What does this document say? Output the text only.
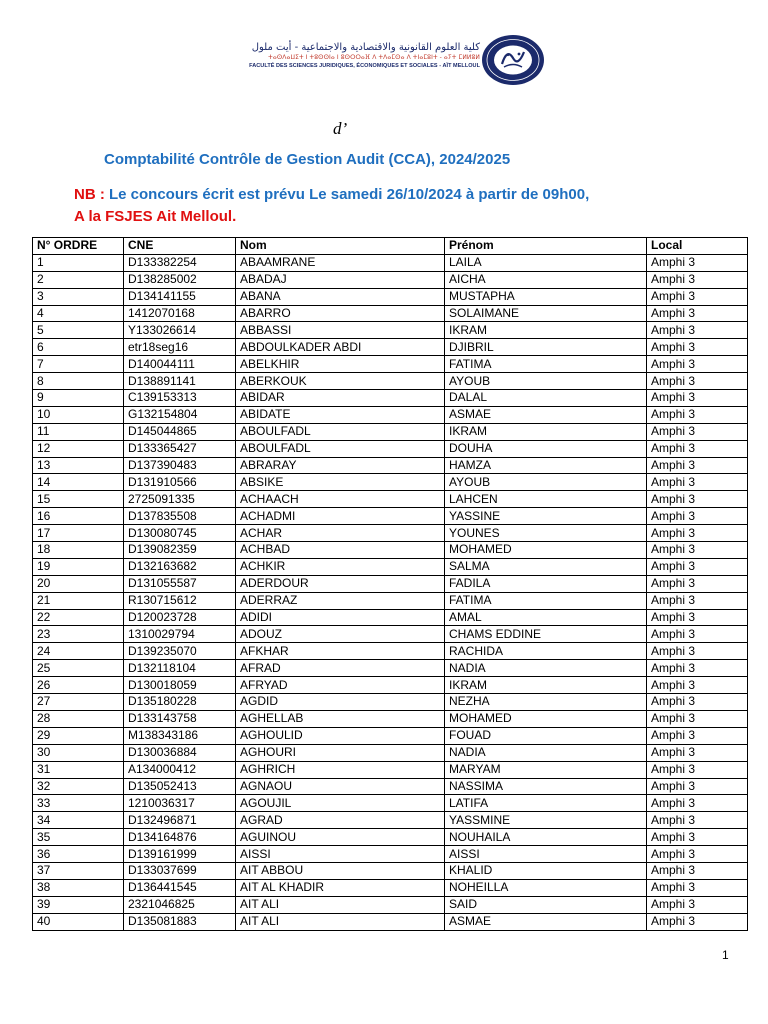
كلية العلوم القانونية والاقتصادية والاجتماعية - أيت ملول
ⵜⴰⵙⴷⴰⵡⵉⵜ ⵏ ⵜⵓⵙⵙⵏⴰ ⵏ ⵓⵙⵔⵔⴰⴼ ⴷ ⵜⴷⴰⵎⵙⴰ ⴷ ⵜⵏⴰⵎⵓⵏⵜ - ⴰⵢⵜ ⵎⵍⵍⵓⵍ
FACULTÉ DES SCIENCES JURIDIQUES, ÉCONOMIQUES ET SOCIALES - AÏT MELLOUL
d’
Comptabilité Contrôle de Gestion Audit (CCA), 2024/2025
NB : Le concours écrit est prévu Le samedi 26/10/2024 à partir de 09h00,
A la FSJES Ait Melloul.
N° ORDRE	CNE	Nom	Prénom	Local
1	D133382254	ABAAMRANE	LAILA	Amphi 3
2	D138285002	ABADAJ	AICHA	Amphi 3
3	D134141155	ABANA	MUSTAPHA	Amphi 3
4	1412070168	ABARRO	SOLAIMANE	Amphi 3
5	Y133026614	ABBASSI	IKRAM	Amphi 3
6	etr18seg16	ABDOULKADER ABDI	DJIBRIL	Amphi 3
7	D140044111	ABELKHIR	FATIMA	Amphi 3
8	D138891141	ABERKOUK	AYOUB	Amphi 3
9	C139153313	ABIDAR	DALAL	Amphi 3
10	G132154804	ABIDATE	ASMAE	Amphi 3
11	D145044865	ABOULFADL	IKRAM	Amphi 3
12	D133365427	ABOULFADL	DOUHA	Amphi 3
13	D137390483	ABRARAY	HAMZA	Amphi 3
14	D131910566	ABSIKE	AYOUB	Amphi 3
15	2725091335	ACHAACH	LAHCEN	Amphi 3
16	D137835508	ACHADMI	YASSINE	Amphi 3
17	D130080745	ACHAR	YOUNES	Amphi 3
18	D139082359	ACHBAD	MOHAMED	Amphi 3
19	D132163682	ACHKIR	SALMA	Amphi 3
20	D131055587	ADERDOUR	FADILA	Amphi 3
21	R130715612	ADERRAZ	FATIMA	Amphi 3
22	D120023728	ADIDI	AMAL	Amphi 3
23	1310029794	ADOUZ	CHAMS EDDINE	Amphi 3
24	D139235070	AFKHAR	RACHIDA	Amphi 3
25	D132118104	AFRAD	NADIA	Amphi 3
26	D130018059	AFRYAD	IKRAM	Amphi 3
27	D135180228	AGDID	NEZHA	Amphi 3
28	D133143758	AGHELLAB	MOHAMED	Amphi 3
29	M138343186	AGHOULID	FOUAD	Amphi 3
30	D130036884	AGHOURI	NADIA	Amphi 3
31	A134000412	AGHRICH	MARYAM	Amphi 3
32	D135052413	AGNAOU	NASSIMA	Amphi 3
33	1210036317	AGOUJIL	LATIFA	Amphi 3
34	D132496871	AGRAD	YASSMINE	Amphi 3
35	D134164876	AGUINOU	NOUHAILA	Amphi 3
36	D139161999	AISSI	AISSI	Amphi 3
37	D133037699	AIT ABBOU	KHALID	Amphi 3
38	D136441545	AIT AL KHADIR	NOHEILLA	Amphi 3
39	2321046825	AIT ALI	SAID	Amphi 3
40	D135081883	AIT ALI	ASMAE	Amphi 3
1
